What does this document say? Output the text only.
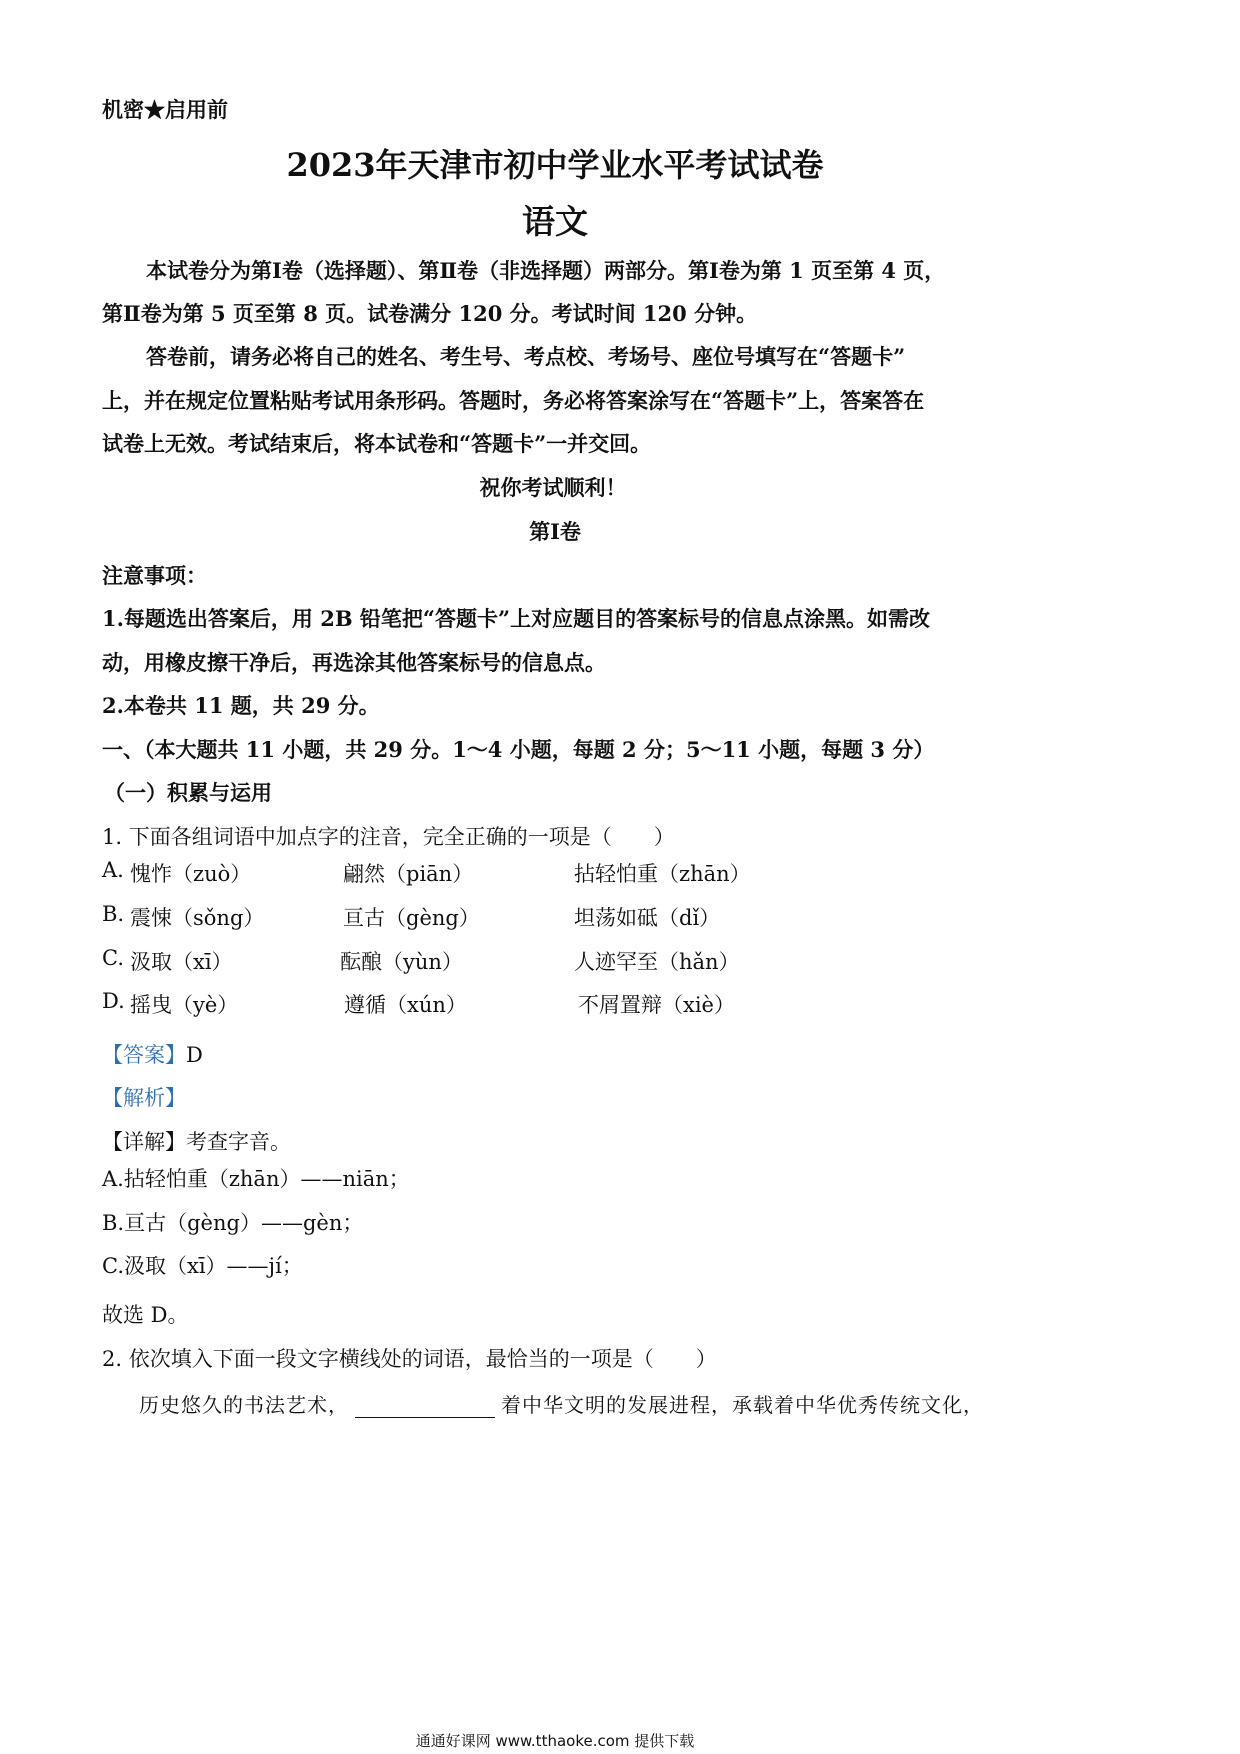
机密★启用前
2023年天津市初中学业水平考试试卷
语文
本试卷分为第Ⅰ卷（选择题）、第Ⅱ卷（非选择题）两部分。第Ⅰ卷为第 1 页至第 4 页，
第Ⅱ卷为第 5 页至第 8 页。试卷满分 120 分。考试时间 120 分钟。
答卷前，请务必将自己的姓名、考生号、考点校、考场号、座位号填写在“答题卡”
上，并在规定位置粘贴考试用条形码。答题时，务必将答案涂写在“答题卡”上，答案答在
试卷上无效。考试结束后，将本试卷和“答题卡”一并交回。
祝你考试顺利！
第Ⅰ卷
注意事项：
1.每题选出答案后，用 2B 铅笔把“答题卡”上对应题目的答案标号的信息点涂黑。如需改
动，用橡皮擦干净后，再选涂其他答案标号的信息点。
2.本卷共 11 题，共 29 分。
一、（本大题共 11 小题，共 29 分。1～4 小题，每题 2 分；5～11 小题，每题 3 分）
（一）积累与运用
1. 下面各组词语中加点字的注音，完全正确的一项是（　　）
A. 愧怍（zuò）	翩然（piān）	拈轻怕重（zhān）
B. 震悚（sǒng）	亘古（gèng）	坦荡如砥（dǐ）
C. 汲取（xī）	酝酿（yùn）	人迹罕至（hǎn）
D. 摇曳（yè）	遵循（xún）	不屑置辩（xiè）
【答案】D
【解析】
【详解】考查字音。
A.拈轻怕重（zhān）——niān；
B.亘古（gèng）——gèn；
C.汲取（xī）——jí；
故选 D。
2. 依次填入下面一段文字横线处的词语，最恰当的一项是（　　）
历史悠久的书法艺术，	着中华文明的发展进程，承载着中华优秀传统文化，
通通好课网 www.tthaoke.com 提供下载
